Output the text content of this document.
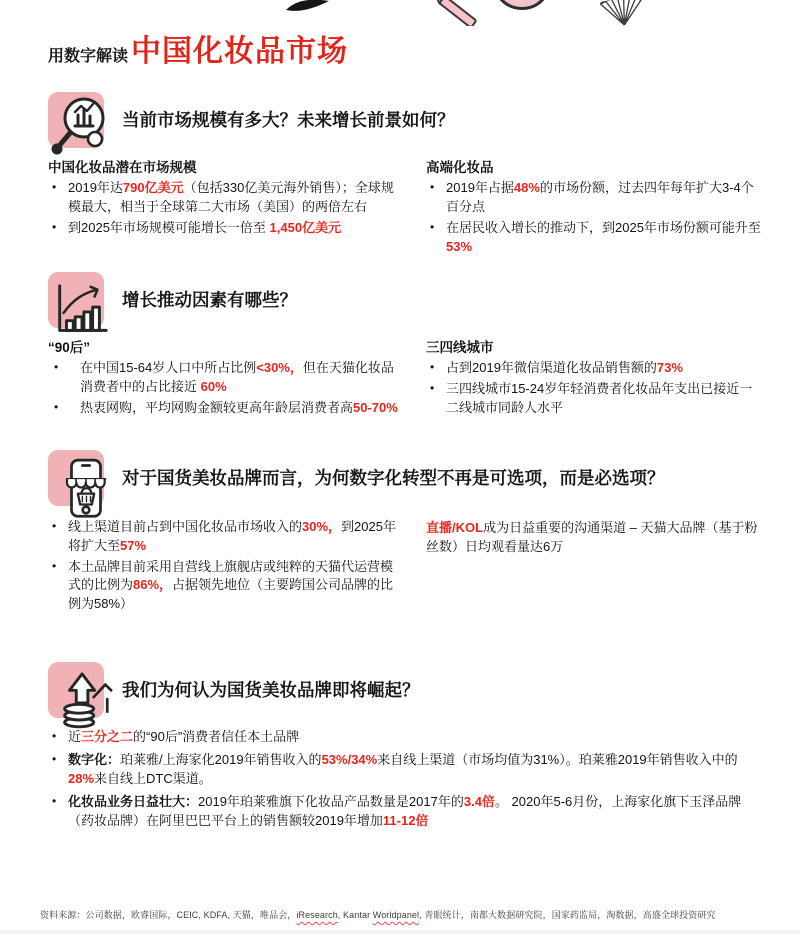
用数字解读 中国化妆品市场
当前市场规模有多大？未来增长前景如何？
中国化妆品潜在市场规模
• 2019年达790亿美元（包括330亿美元海外销售）；全球规模最大，相当于全球第二大市场（美国）的两倍左右
• 到2025年市场规模可能增长一倍至 1,450亿美元
高端化妆品
• 2019年占据48%的市场份额，过去四年每年扩大3-4个百分点
• 在居民收入增长的推动下，到2025年市场份额可能升至53%
增长推动因素有哪些？
“90后”
• 在中国15-64岁人口中所占比例<30%，但在天猫化妆品消费者中的占比接近 60%
• 热衷网购，平均网购金额较更高年龄层消费者高50-70%
三四线城市
• 占到2019年微信渠道化妆品销售额的73%
• 三四线城市15-24岁年轻消费者化妆品年支出已接近一二线城市同龄人水平
对于国货美妆品牌而言，为何数字化转型不再是可选项，而是必选项？
• 线上渠道目前占到中国化妆品市场收入的30%，到2025年将扩大至57%
• 本土品牌目前采用自营线上旗舰店或纯粹的天猫代运营模式的比例为86%，占据领先地位（主要跨国公司品牌的比例为58%）

直播/KOL成为日益重要的沟通渠道 – 天猫大品牌（基于粉丝数）日均观看量达6万

我们为何认为国货美妆品牌即将崛起？
• 近三分之二的“90后”消费者信任本土品牌
• 数字化：珀莱雅/上海家化2019年销售收入的53%/34%来自线上渠道（市场均值为31%）。珀莱雅2019年销售收入中的28%来自线上DTC渠道。
• 化妆品业务日益壮大：2019年珀莱雅旗下化妆品产品数量是2017年的3.4倍。 2020年5-6月份，上海家化旗下玉泽品牌（药妆品牌）在阿里巴巴平台上的销售额较2019年增加11-12倍
资料来源：公司数据，欧睿国际，CEIC, KDFA, 天猫，唯品会，iResearch, Kantar Worldpanel, 青眼统计，南都大数据研究院，国家药监局，淘数据，高盛全球投资研究
